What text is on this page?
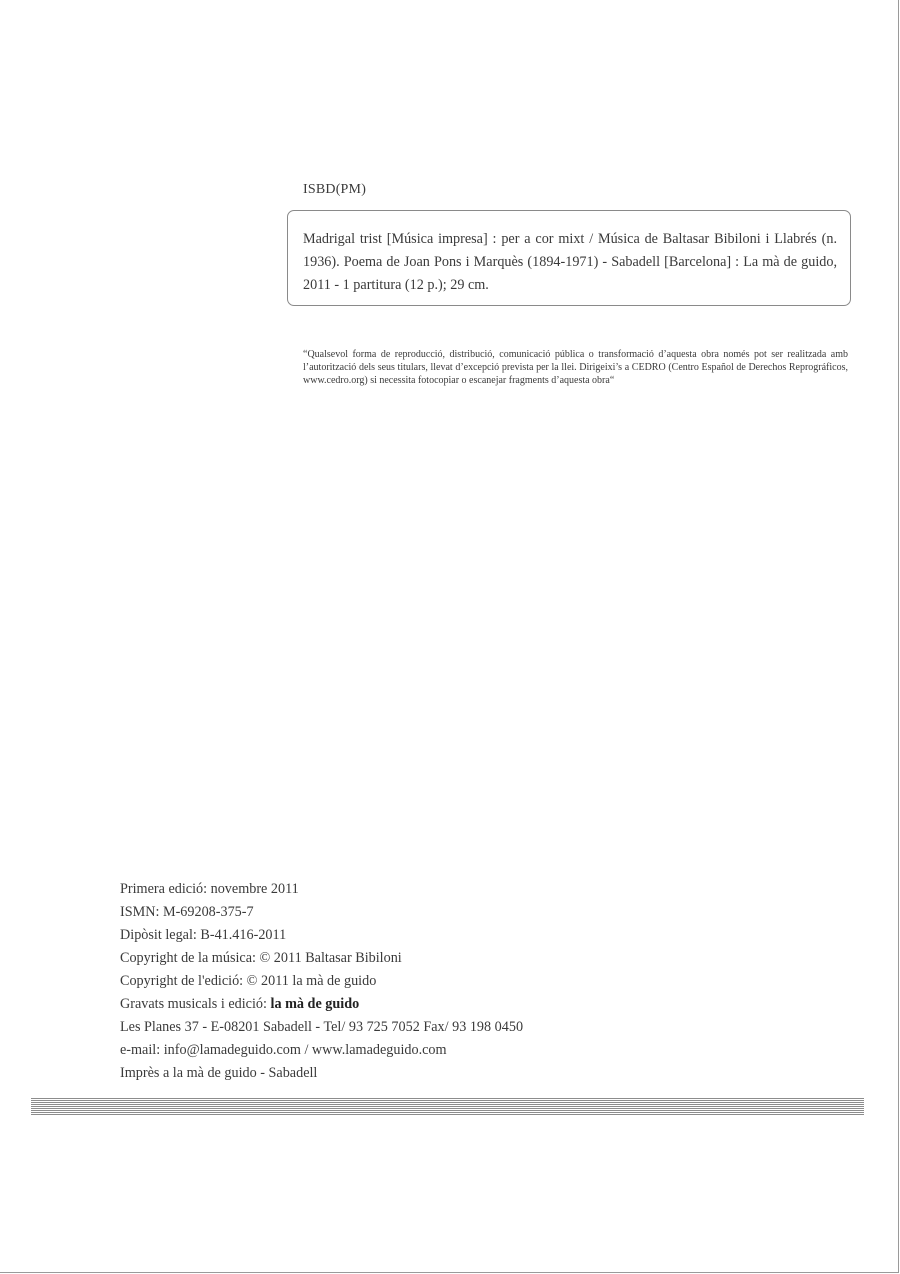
ISBD(PM)
Madrigal trist [Música impresa] : per a cor mixt / Música de Baltasar Bibiloni i Llabrés (n. 1936). Poema de Joan Pons i Marquès (1894-1971) - Sabadell [Barcelona] : La mà de guido, 2011 - 1 partitura (12 p.); 29 cm.
“Qualsevol forma de reproducció, distribució, comunicació pública o transformació d’aquesta obra només pot ser realitzada amb l’autorització dels seus titulars, llevat d’excepció prevista per la llei. Dirigeixi’s a CEDRO (Centro Español de Derechos Reprográficos, www.cedro.org) si necessita fotocopiar o escanejar fragments d’aquesta obra“
Primera edició: novembre 2011
ISMN: M-69208-375-7
Dipòsit legal: B-41.416-2011
Copyright de la música: © 2011 Baltasar Bibiloni
Copyright de l'edició: © 2011 la mà de guido
Gravats musicals i edició: la mà de guido
Les Planes 37 - E-08201 Sabadell - Tel/ 93 725 7052 Fax/ 93 198 0450
e-mail: info@lamadeguido.com / www.lamadeguido.com
Imprès a la mà de guido - Sabadell
